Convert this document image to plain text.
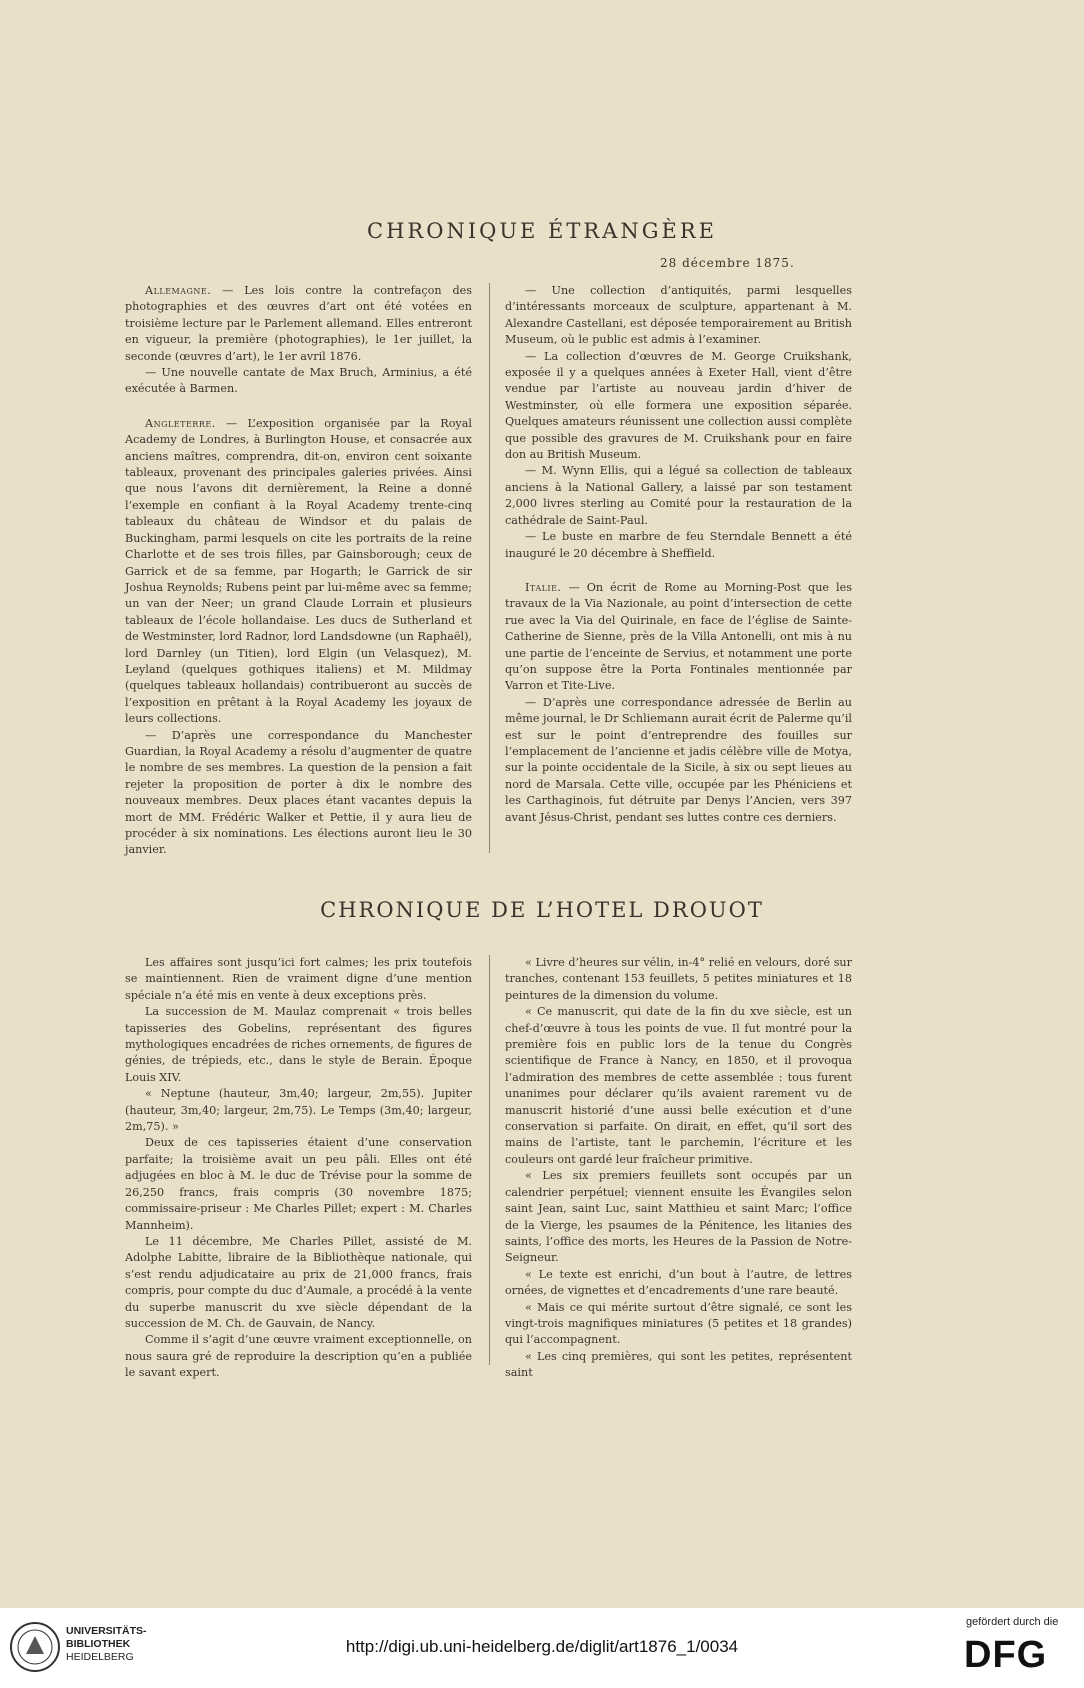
CHRONIQUE ÉTRANGÈRE
28 décembre 1875.

Allemagne. — Les lois contre la contrefaçon des photographies et des œuvres d’art ont été votées en troisième lecture par le Parlement allemand. Elles entreront en vigueur, la première (photographies), le 1er juillet, la seconde (œuvres d’art), le 1er avril 1876.

— Une nouvelle cantate de Max Bruch, Arminius, a été exécutée à Barmen.

Angleterre. — L’exposition organisée par la Royal Academy de Londres, à Burlington House, et consacrée aux anciens maîtres, comprendra, dit-on, environ cent soixante tableaux, provenant des principales galeries privées. Ainsi que nous l’avons dit dernièrement, la Reine a donné l’exemple en confiant à la Royal Academy trente-cinq tableaux du château de Windsor et du palais de Buckingham, parmi lesquels on cite les portraits de la reine Charlotte et de ses trois filles, par Gainsborough; ceux de Garrick et de sa femme, par Hogarth; le Garrick de sir Joshua Reynolds; Rubens peint par lui-même avec sa femme; un van der Neer; un grand Claude Lorrain et plusieurs tableaux de l’école hollandaise. Les ducs de Sutherland et de Westminster, lord Radnor, lord Landsdowne (un Raphaël), lord Darnley (un Titien), lord Elgin (un Velasquez), M. Leyland (quelques gothiques italiens) et M. Mildmay (quelques tableaux hollandais) contribueront au succès de l’exposition en prêtant à la Royal Academy les joyaux de leurs collections.

— D’après une correspondance du Manchester Guardian, la Royal Academy a résolu d’augmenter de quatre le nombre de ses membres. La question de la pension a fait rejeter la proposition de porter à dix le nombre des nouveaux membres. Deux places étant vacantes depuis la mort de MM. Frédéric Walker et Pettie, il y aura lieu de procéder à six nominations. Les élections auront lieu le 30 janvier.

— Une collection d’antiquités, parmi lesquelles d’intéressants morceaux de sculpture, appartenant à M. Alexandre Castellani, est déposée temporairement au British Museum, où le public est admis à l’examiner.

— La collection d’œuvres de M. George Cruikshank, exposée il y a quelques années à Exeter Hall, vient d’être vendue par l’artiste au nouveau jardin d’hiver de Westminster, où elle formera une exposition séparée. Quelques amateurs réunissent une collection aussi complète que possible des gravures de M. Cruikshank pour en faire don au British Museum.

— M. Wynn Ellis, qui a légué sa collection de tableaux anciens à la National Gallery, a laissé par son testament 2,000 livres sterling au Comité pour la restauration de la cathédrale de Saint-Paul.

— Le buste en marbre de feu Sterndale Bennett a été inauguré le 20 décembre à Sheffield.

Italie. — On écrit de Rome au Morning-Post que les travaux de la Via Nazionale, au point d’intersection de cette rue avec la Via del Quirinale, en face de l’église de Sainte-Catherine de Sienne, près de la Villa Antonelli, ont mis à nu une partie de l’enceinte de Servius, et notamment une porte qu’on suppose être la Porta Fontinales mentionnée par Varron et Tite-Live.

— D’après une correspondance adressée de Berlin au même journal, le Dr Schliemann aurait écrit de Palerme qu’il est sur le point d’entreprendre des fouilles sur l’emplacement de l’ancienne et jadis célèbre ville de Motya, sur la pointe occidentale de la Sicile, à six ou sept lieues au nord de Marsala. Cette ville, occupée par les Phéniciens et les Carthaginois, fut détruite par Denys l’Ancien, vers 397 avant Jésus-Christ, pendant ses luttes contre ces derniers.

CHRONIQUE DE L’HOTEL DROUOT

Les affaires sont jusqu’ici fort calmes; les prix toutefois se maintiennent. Rien de vraiment digne d’une mention spéciale n’a été mis en vente à deux exceptions près.

La succession de M. Maulaz comprenait « trois belles tapisseries des Gobelins, représentant des figures mythologiques encadrées de riches ornements, de figures de génies, de trépieds, etc., dans le style de Berain. Époque Louis XIV.

« Neptune (hauteur, 3m,40; largeur, 2m,55). Jupiter (hauteur, 3m,40; largeur, 2m,75). Le Temps (3m,40; largeur, 2m,75). »

Deux de ces tapisseries étaient d’une conservation parfaite; la troisième avait un peu pâli. Elles ont été adjugées en bloc à M. le duc de Trévise pour la somme de 26,250 francs, frais compris (30 novembre 1875; commissaire-priseur : Me Charles Pillet; expert : M. Charles Mannheim).

Le 11 décembre, Me Charles Pillet, assisté de M. Adolphe Labitte, libraire de la Bibliothèque nationale, qui s’est rendu adjudicataire au prix de 21,000 francs, frais compris, pour compte du duc d’Aumale, a procédé à la vente du superbe manuscrit du xve siècle dépendant de la succession de M. Ch. de Gauvain, de Nancy.

Comme il s’agit d’une œuvre vraiment exceptionnelle, on nous saura gré de reproduire la description qu’en a publiée le savant expert.

« Livre d’heures sur vélin, in-4° relié en velours, doré sur tranches, contenant 153 feuillets, 5 petites miniatures et 18 peintures de la dimension du volume.

« Ce manuscrit, qui date de la fin du xve siècle, est un chef-d’œuvre à tous les points de vue. Il fut montré pour la première fois en public lors de la tenue du Congrès scientifique de France à Nancy, en 1850, et il provoqua l’admiration des membres de cette assemblée : tous furent unanimes pour déclarer qu’ils avaient rarement vu de manuscrit historié d’une aussi belle exécution et d’une conservation si parfaite. On dirait, en effet, qu’il sort des mains de l’artiste, tant le parchemin, l’écriture et les couleurs ont gardé leur fraîcheur primitive.

« Les six premiers feuillets sont occupés par un calendrier perpétuel; viennent ensuite les Évangiles selon saint Jean, saint Luc, saint Matthieu et saint Marc; l’office de la Vierge, les psaumes de la Pénitence, les litanies des saints, l’office des morts, les Heures de la Passion de Notre-Seigneur.

« Le texte est enrichi, d’un bout à l’autre, de lettres ornées, de vignettes et d’encadrements d’une rare beauté.

« Mais ce qui mérite surtout d’être signalé, ce sont les vingt-trois magnifiques miniatures (5 petites et 18 grandes) qui l’accompagnent.

« Les cinq premières, qui sont les petites, représentent saint

UNIVERSITÄTS-
BIBLIOTHEK
HEIDELBERG
http://digi.ub.uni-heidelberg.de/diglit/art1876_1/0034
gefördert durch die
DFG
